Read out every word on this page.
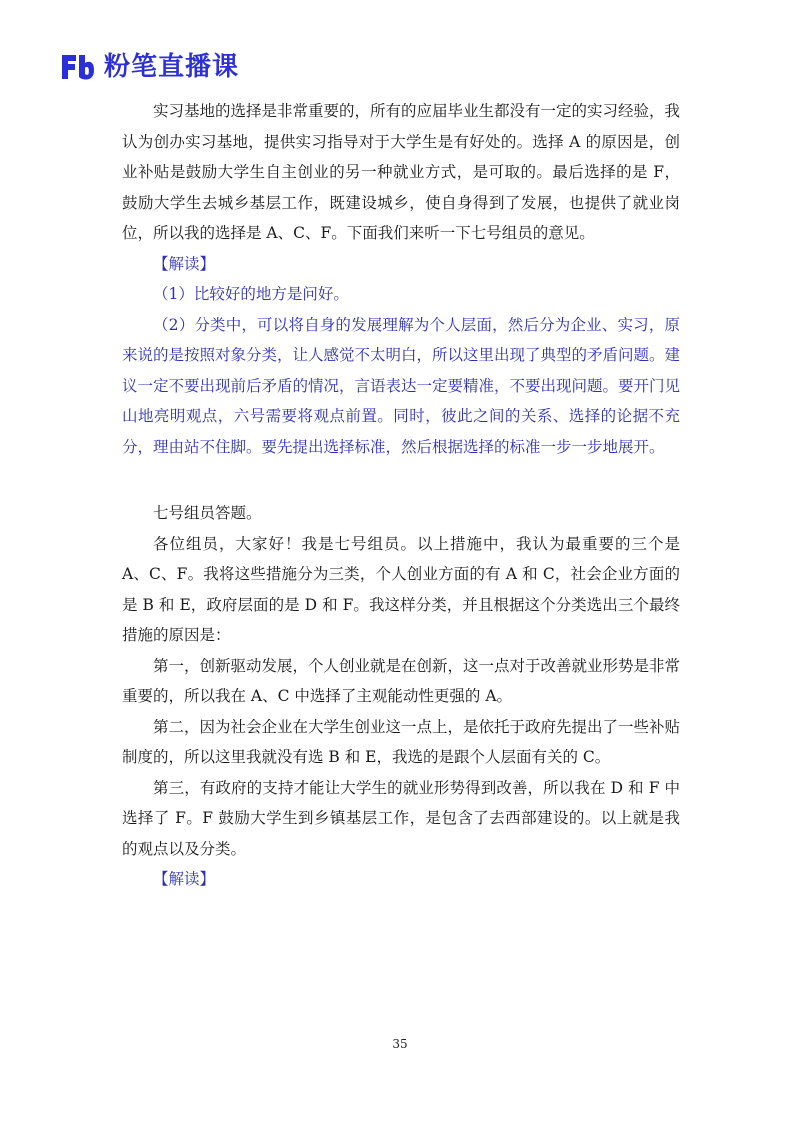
粉笔直播课

实习基地的选择是非常重要的，所有的应届毕业生都没有一定的实习经验，我认为创办实习基地，提供实习指导对于大学生是有好处的。选择 A 的原因是，创业补贴是鼓励大学生自主创业的另一种就业方式，是可取的。最后选择的是 F，鼓励大学生去城乡基层工作，既建设城乡，使自身得到了发展，也提供了就业岗位，所以我的选择是 A、C、F。下面我们来听一下七号组员的意见。

【解读】

（1）比较好的地方是问好。

（2）分类中，可以将自身的发展理解为个人层面，然后分为企业、实习，原来说的是按照对象分类，让人感觉不太明白，所以这里出现了典型的矛盾问题。建议一定不要出现前后矛盾的情况，言语表达一定要精准，不要出现问题。要开门见山地亮明观点，六号需要将观点前置。同时，彼此之间的关系、选择的论据不充分，理由站不住脚。要先提出选择标准，然后根据选择的标准一步一步地展开。

七号组员答题。

各位组员，大家好！我是七号组员。以上措施中，我认为最重要的三个是 A、C、F。我将这些措施分为三类，个人创业方面的有 A 和 C，社会企业方面的是 B 和 E，政府层面的是 D 和 F。我这样分类，并且根据这个分类选出三个最终措施的原因是：

第一，创新驱动发展，个人创业就是在创新，这一点对于改善就业形势是非常重要的，所以我在 A、C 中选择了主观能动性更强的 A。

第二，因为社会企业在大学生创业这一点上，是依托于政府先提出了一些补贴制度的，所以这里我就没有选 B 和 E，我选的是跟个人层面有关的 C。

第三，有政府的支持才能让大学生的就业形势得到改善，所以我在 D 和 F 中选择了 F。F 鼓励大学生到乡镇基层工作，是包含了去西部建设的。以上就是我的观点以及分类。

【解读】

35
